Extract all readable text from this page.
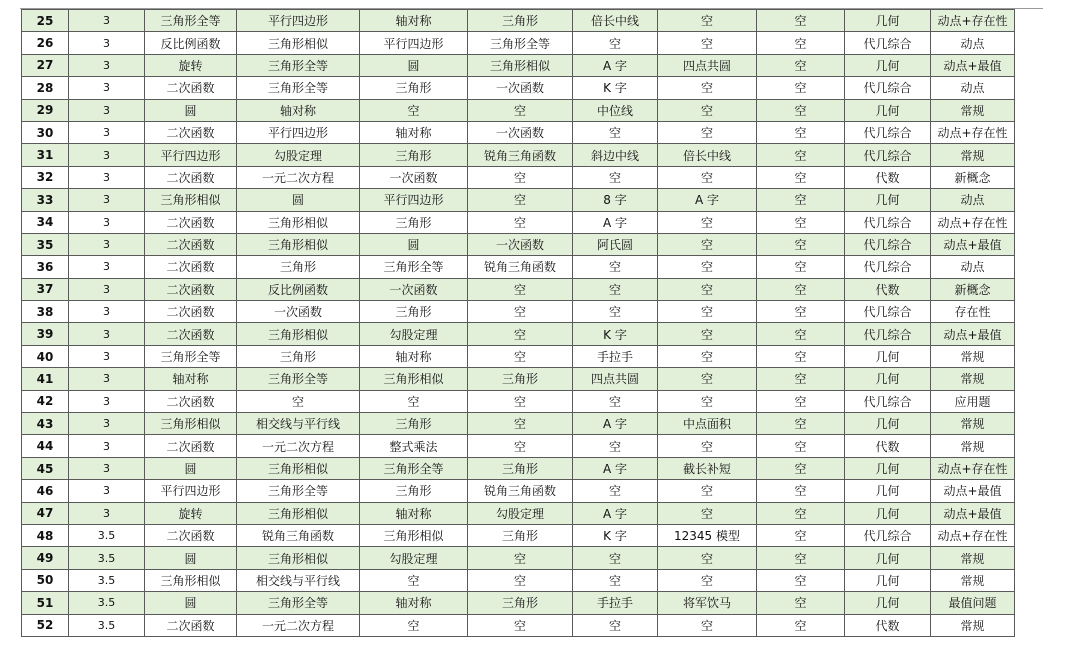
25	3	三角形全等	平行四边形	轴对称	三角形	倍长中线	空	空	几何	动点+存在性
26	3	反比例函数	三角形相似	平行四边形	三角形全等	空	空	空	代几综合	动点
27	3	旋转	三角形全等	圆	三角形相似	A 字	四点共圆	空	几何	动点+最值
28	3	二次函数	三角形全等	三角形	一次函数	K 字	空	空	代几综合	动点
29	3	圆	轴对称	空	空	中位线	空	空	几何	常规
30	3	二次函数	平行四边形	轴对称	一次函数	空	空	空	代几综合	动点+存在性
31	3	平行四边形	勾股定理	三角形	锐角三角函数	斜边中线	倍长中线	空	代几综合	常规
32	3	二次函数	一元二次方程	一次函数	空	空	空	空	代数	新概念
33	3	三角形相似	圆	平行四边形	空	8 字	A 字	空	几何	动点
34	3	二次函数	三角形相似	三角形	空	A 字	空	空	代几综合	动点+存在性
35	3	二次函数	三角形相似	圆	一次函数	阿氏圆	空	空	代几综合	动点+最值
36	3	二次函数	三角形	三角形全等	锐角三角函数	空	空	空	代几综合	动点
37	3	二次函数	反比例函数	一次函数	空	空	空	空	代数	新概念
38	3	二次函数	一次函数	三角形	空	空	空	空	代几综合	存在性
39	3	二次函数	三角形相似	勾股定理	空	K 字	空	空	代几综合	动点+最值
40	3	三角形全等	三角形	轴对称	空	手拉手	空	空	几何	常规
41	3	轴对称	三角形全等	三角形相似	三角形	四点共圆	空	空	几何	常规
42	3	二次函数	空	空	空	空	空	空	代几综合	应用题
43	3	三角形相似	相交线与平行线	三角形	空	A 字	中点面积	空	几何	常规
44	3	二次函数	一元二次方程	整式乘法	空	空	空	空	代数	常规
45	3	圆	三角形相似	三角形全等	三角形	A 字	截长补短	空	几何	动点+存在性
46	3	平行四边形	三角形全等	三角形	锐角三角函数	空	空	空	几何	动点+最值
47	3	旋转	三角形相似	轴对称	勾股定理	A 字	空	空	几何	动点+最值
48	3.5	二次函数	锐角三角函数	三角形相似	三角形	K 字	12345 模型	空	代几综合	动点+存在性
49	3.5	圆	三角形相似	勾股定理	空	空	空	空	几何	常规
50	3.5	三角形相似	相交线与平行线	空	空	空	空	空	几何	常规
51	3.5	圆	三角形全等	轴对称	三角形	手拉手	将军饮马	空	几何	最值问题
52	3.5	二次函数	一元二次方程	空	空	空	空	空	代数	常规
